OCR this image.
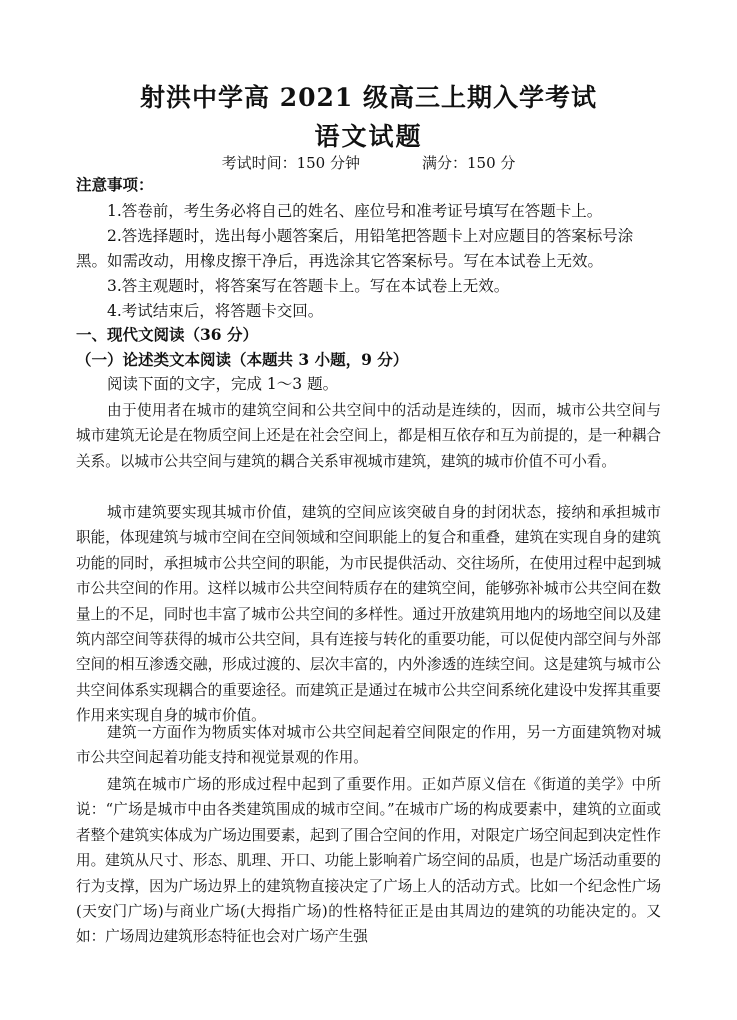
射洪中学高 2021 级高三上期入学考试
语文试题
考试时间：150 分钟	满分：150 分
注意事项：
1.答卷前，考生务必将自己的姓名、座位号和准考证号填写在答题卡上。
2.答选择题时，选出每小题答案后，用铅笔把答题卡上对应题目的答案标号涂黑。如需改动，用橡皮擦干净后，再选涂其它答案标号。写在本试卷上无效。
3.答主观题时，将答案写在答题卡上。写在本试卷上无效。
4.考试结束后，将答题卡交回。
一、现代文阅读（36 分）
（一）论述类文本阅读（本题共 3 小题，9 分）
阅读下面的文字，完成 1～3 题。
由于使用者在城市的建筑空间和公共空间中的活动是连续的，因而，城市公共空间与城市建筑无论是在物质空间上还是在社会空间上，都是相互依存和互为前提的，是一种耦合关系。以城市公共空间与建筑的耦合关系审视城市建筑，建筑的城市价值不可小看。
城市建筑要实现其城市价值，建筑的空间应该突破自身的封闭状态，接纳和承担城市职能，体现建筑与城市空间在空间领域和空间职能上的复合和重叠，建筑在实现自身的建筑功能的同时，承担城市公共空间的职能，为市民提供活动、交往场所，在使用过程中起到城市公共空间的作用。这样以城市公共空间特质存在的建筑空间，能够弥补城市公共空间在数量上的不足，同时也丰富了城市公共空间的多样性。通过开放建筑用地内的场地空间以及建筑内部空间等获得的城市公共空间，具有连接与转化的重要功能，可以促使内部空间与外部空间的相互渗透交融，形成过渡的、层次丰富的，内外渗透的连续空间。这是建筑与城市公共空间体系实现耦合的重要途径。而建筑正是通过在城市公共空间系统化建设中发挥其重要作用来实现自身的城市价值。
建筑一方面作为物质实体对城市公共空间起着空间限定的作用，另一方面建筑物对城市公共空间起着功能支持和视觉景观的作用。
建筑在城市广场的形成过程中起到了重要作用。正如芦原义信在《街道的美学》中所说：“广场是城市中由各类建筑围成的城市空间。”在城市广场的构成要素中，建筑的立面或者整个建筑实体成为广场边围要素，起到了围合空间的作用，对限定广场空间起到决定性作用。建筑从尺寸、形态、肌理、开口、功能上影响着广场空间的品质，也是广场活动重要的行为支撑，因为广场边界上的建筑物直接决定了广场上人的活动方式。比如一个纪念性广场(天安门广场)与商业广场(大拇指广场)的性格特征正是由其周边的建筑的功能决定的。又如：广场周边建筑形态特征也会对广场产生强
